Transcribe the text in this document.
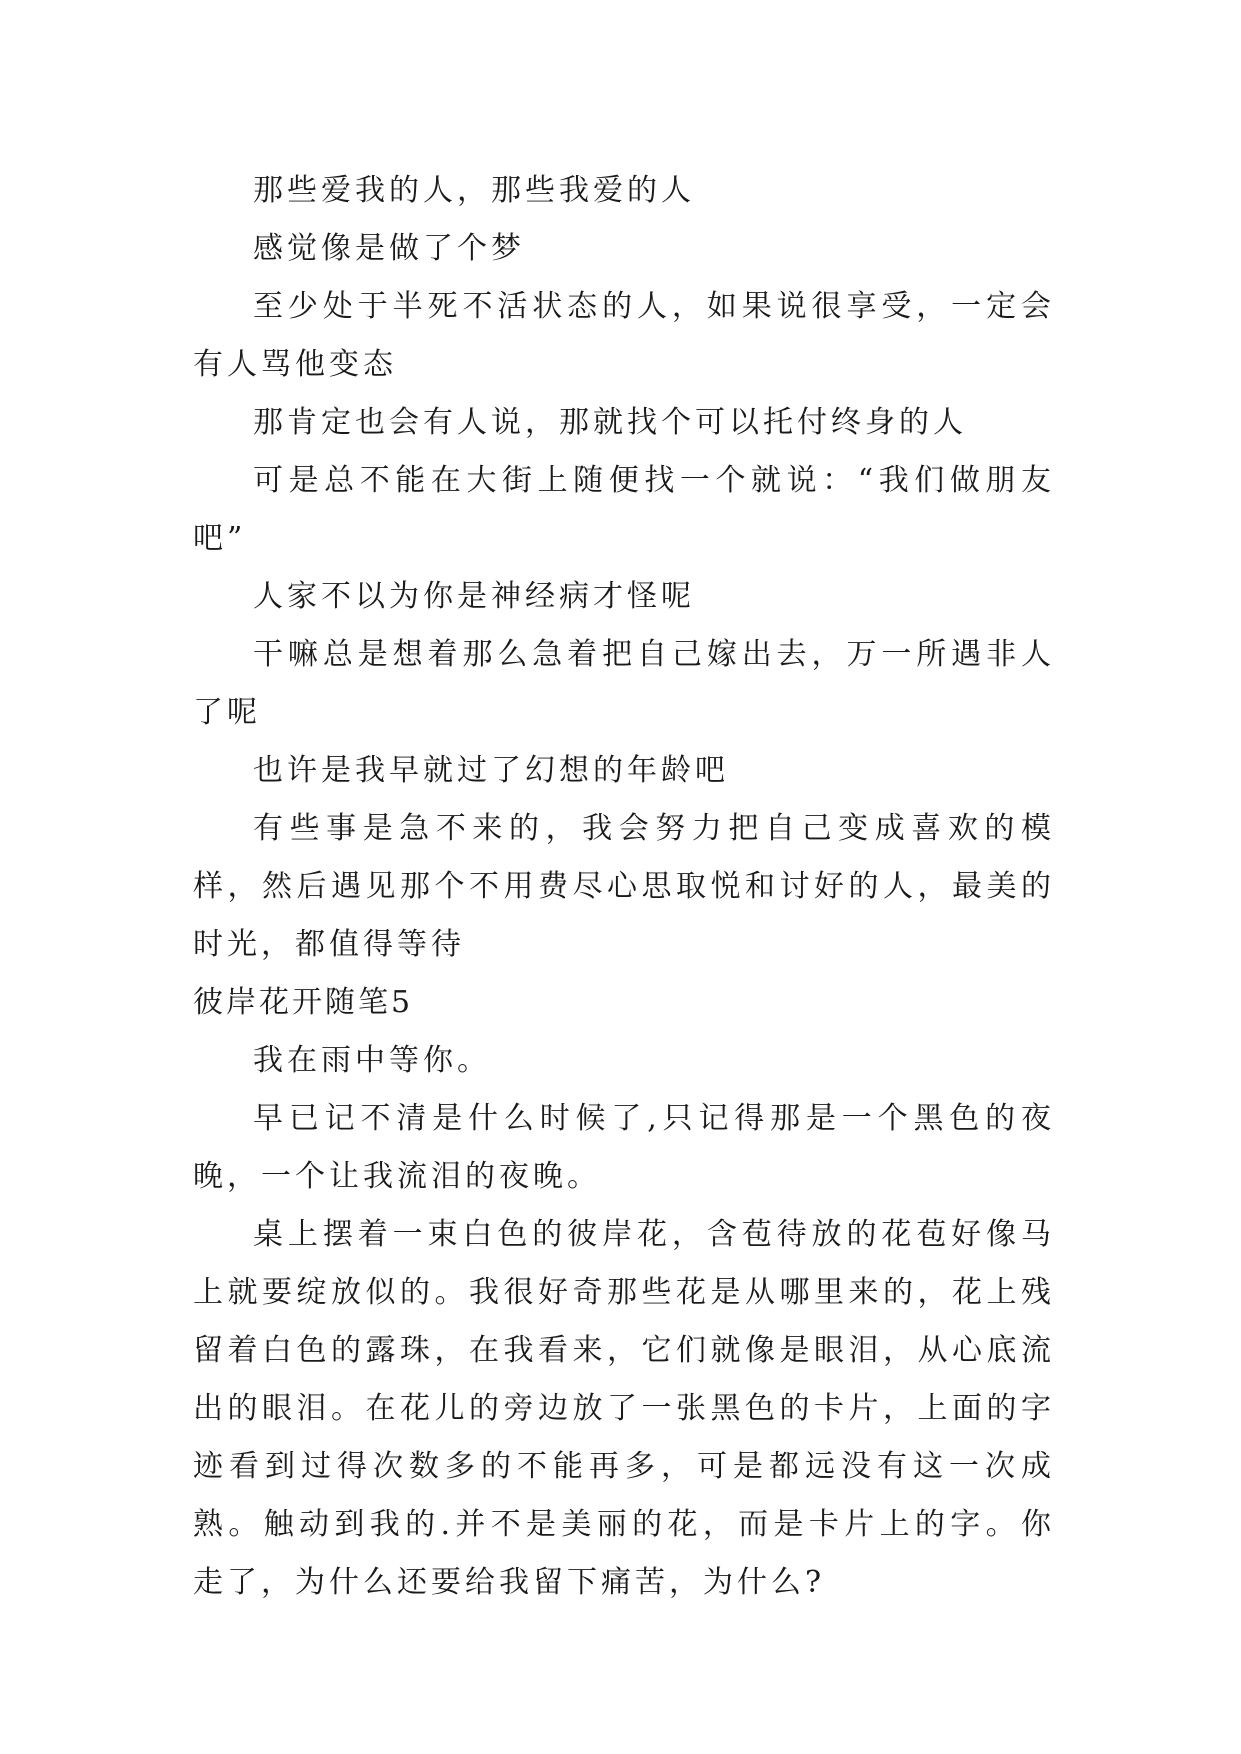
那些爱我的人，那些我爱的人

感觉像是做了个梦

至少处于半死不活状态的人，如果说很享受，一定会有人骂他变态

那肯定也会有人说，那就找个可以托付终身的人

可是总不能在大街上随便找一个就说：“我们做朋友吧”

人家不以为你是神经病才怪呢

干嘛总是想着那么急着把自己嫁出去，万一所遇非人了呢

也许是我早就过了幻想的年龄吧

有些事是急不来的，我会努力把自己变成喜欢的模样，然后遇见那个不用费尽心思取悦和讨好的人，最美的时光，都值得等待

彼岸花开随笔5

我在雨中等你。

早已记不清是什么时候了,只记得那是一个黑色的夜晚，一个让我流泪的夜晚。

桌上摆着一束白色的彼岸花，含苞待放的花苞好像马上就要绽放似的。我很好奇那些花是从哪里来的，花上残留着白色的露珠，在我看来，它们就像是眼泪，从心底流出的眼泪。在花儿的旁边放了一张黑色的卡片，上面的字迹看到过得次数多的不能再多，可是都远没有这一次成熟。触动到我的.并不是美丽的花，而是卡片上的字。你走了，为什么还要给我留下痛苦，为什么?
